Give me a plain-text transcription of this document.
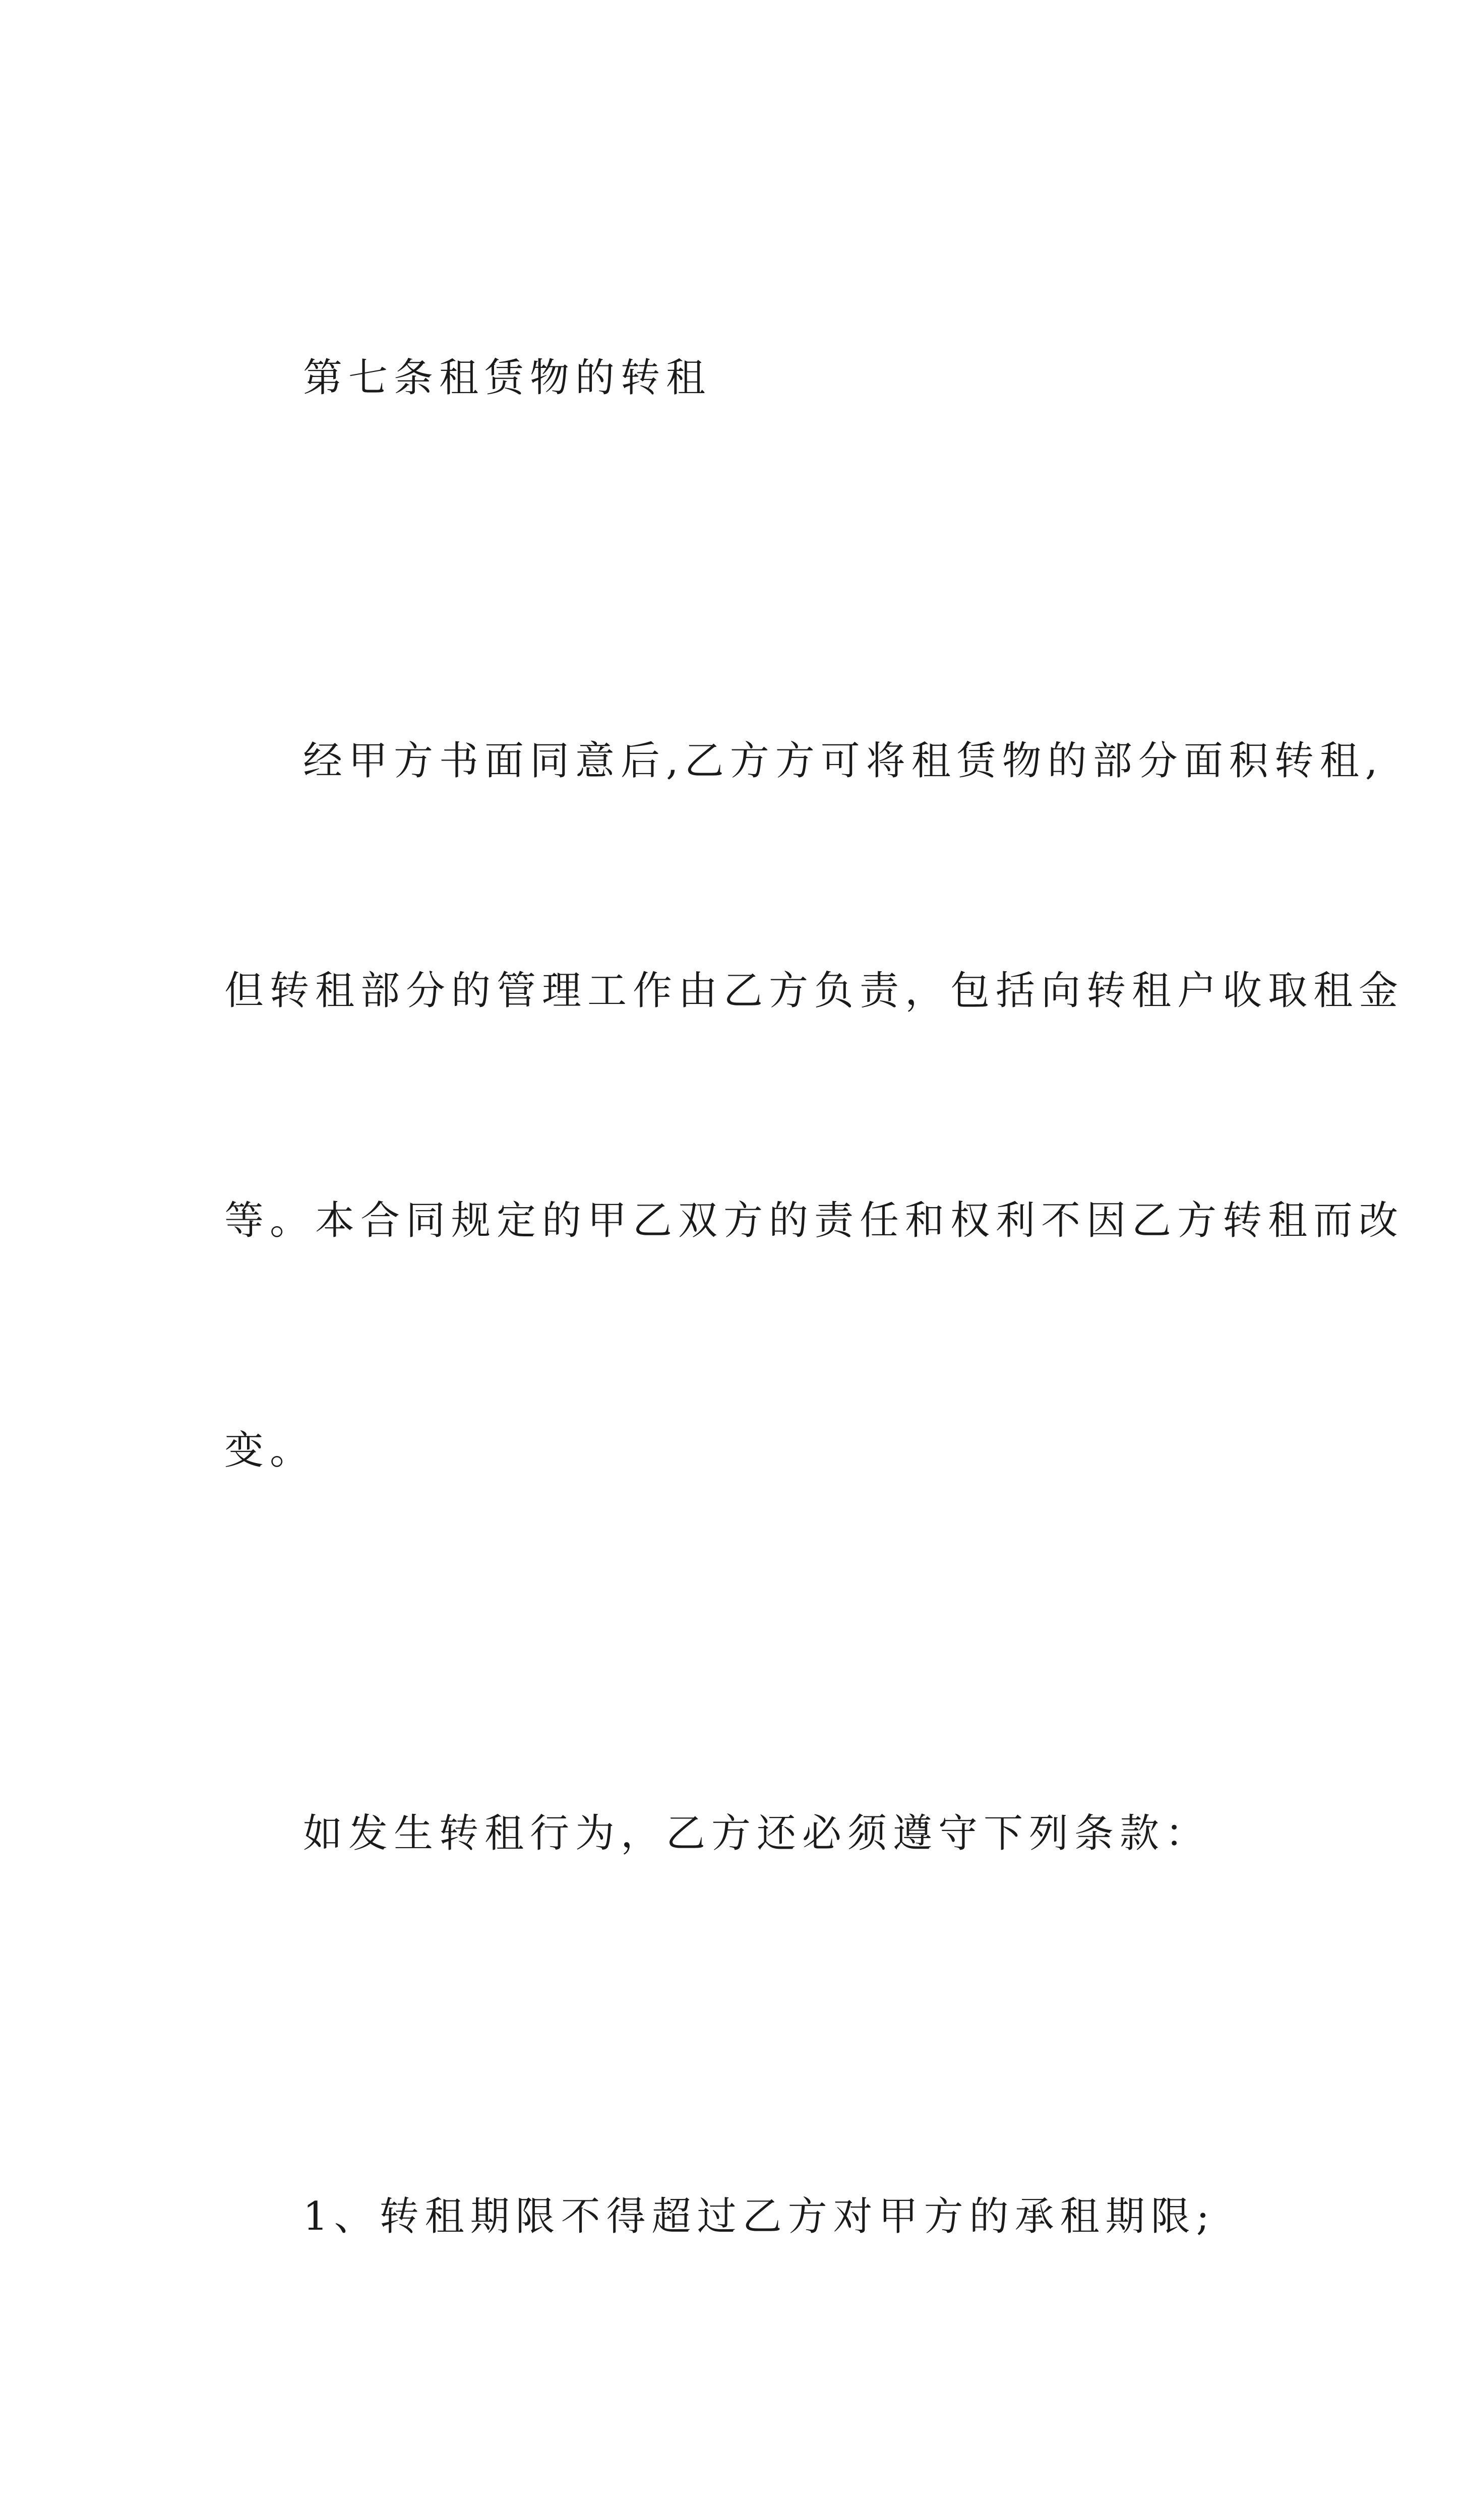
第七条租赁物的转租

经甲方书面同意后,乙方方可将租赁物的部分面积转租,

但转租部分的管理工作由乙方负责，包括向转租户收取租金

等。本合同规定的甲乙双方的责任和权利不因乙方转租而改

变。

如发生转租行为，乙方还必须遵守下列条款：

1、转租期限不得超过乙方对甲方的承租期限;
